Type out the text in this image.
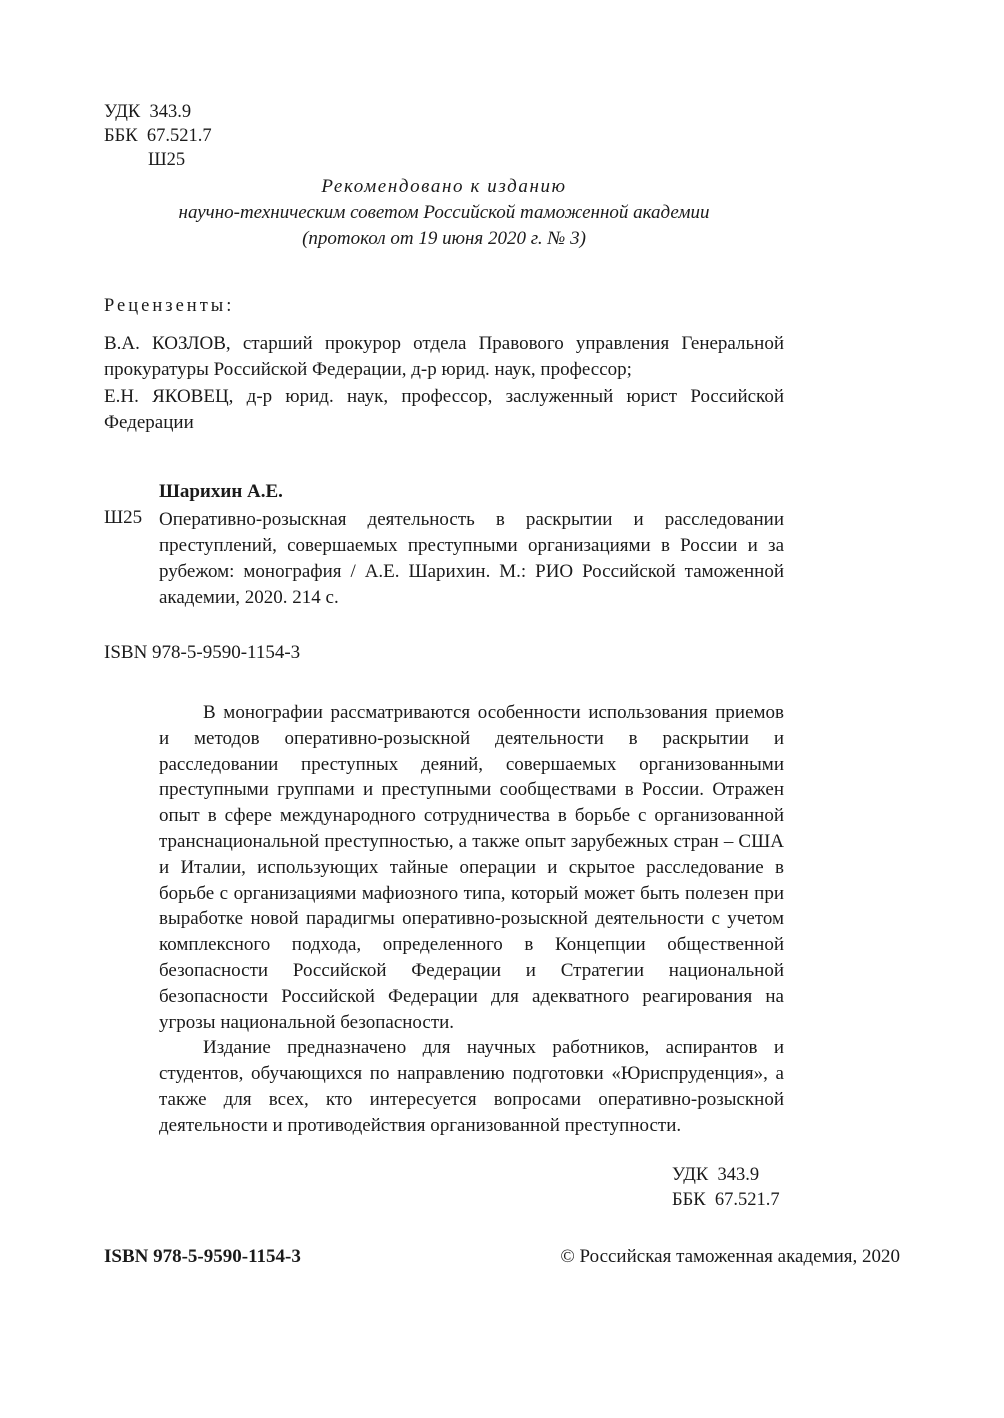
УДК 343.9
ББК 67.521.7
Ш25
Рекомендовано к изданию
научно-техническим советом Российской таможенной академии
(протокол от 19 июня 2020 г. № 3)
Рецензенты:
В.А. КОЗЛОВ, старший прокурор отдела Правового управления Генеральной прокуратуры Российской Федерации, д-р юрид. наук, профессор;
Е.Н. ЯКОВЕЦ, д-р юрид. наук, профессор, заслуженный юрист Российской Федерации
Шарихин А.Е.
Ш25 Оперативно-розыскная деятельность в раскрытии и расследовании преступлений, совершаемых преступными организациями в России и за рубежом: монография / А.Е. Шарихин. М.: РИО Российской таможенной академии, 2020. 214 с.
ISBN 978-5-9590-1154-3

В монографии рассматриваются особенности использования приемов и методов оперативно-розыскной деятельности в раскрытии и расследовании преступных деяний, совершаемых организованными преступными группами и преступными сообществами в России. Отражен опыт в сфере международного сотрудничества в борьбе с организованной транснациональной преступностью, а также опыт зарубежных стран – США и Италии, использующих тайные операции и скрытое расследование в борьбе с организациями мафиозного типа, который может быть полезен при выработке новой парадигмы оперативно-розыскной деятельности с учетом комплексного подхода, определенного в Концепции общественной безопасности Российской Федерации и Стратегии национальной безопасности Российской Федерации для адекватного реагирования на угрозы национальной безопасности.

Издание предназначено для научных работников, аспирантов и студентов, обучающихся по направлению подготовки «Юриспруденция», а также для всех, кто интересуется вопросами оперативно-розыскной деятельности и противодействия организованной преступности.

УДК 343.9
ББК 67.521.7
ISBN 978-5-9590-1154-3	© Российская таможенная академия, 2020
